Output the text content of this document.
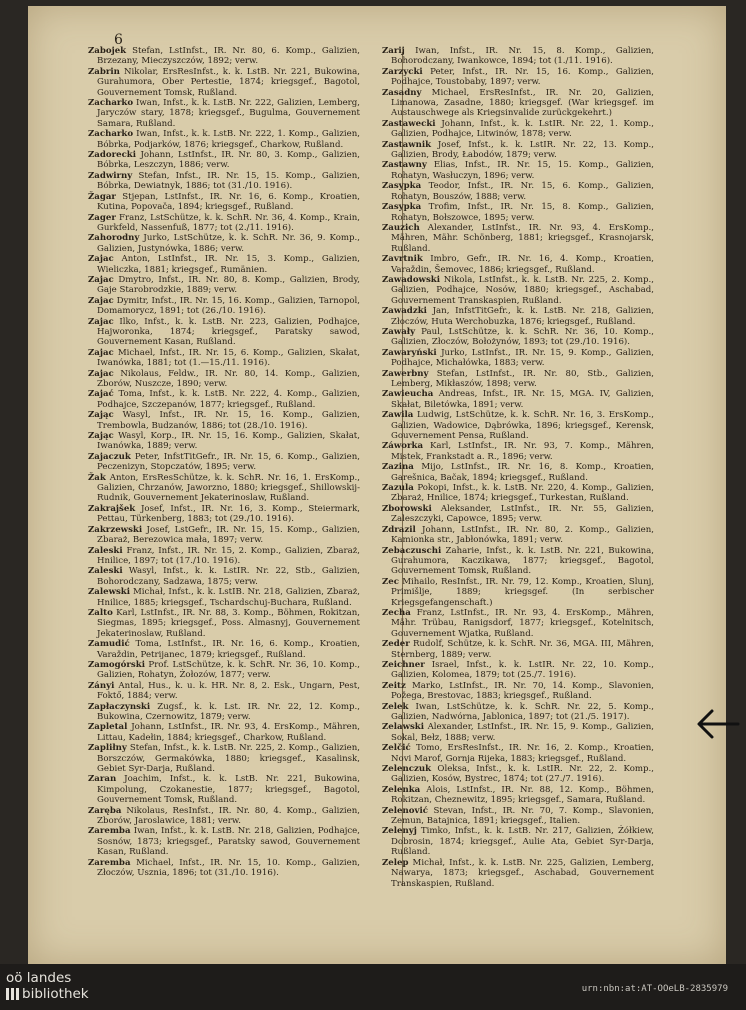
6

Zabojek Stefan, LstInfst., IR. Nr. 80, 6. Komp., Galizien, Brzezany, Mieczyszczów, 1892; verw.

Zabrin Nikolar, ErsResInfst., k. k. LstB. Nr. 221, Bukowina, Gurahumora, Ober Pertestie, 1874; kriegsgef., Bagotol, Gouvernement Tomsk, Rußland.

Zacharko Iwan, Infst., k. k. LstB. Nr. 222, Galizien, Lemberg, Jaryczów stary, 1878; kriegsgef., Bugulma, Gouvernement Samara, Rußland.

Zacharko Iwan, Infst., k. k. LstB. Nr. 222, 1. Komp., Galizien, Bóbrka, Podjarków, 1876; kriegsgef., Charkow, Rußland.

Zadorecki Johann, LstInfst., IR. Nr. 80, 3. Komp., Galizien, Bóbrka, Leszczyn, 1886; verw.

Zadwirny Stefan, Infst., IR. Nr. 15, 15. Komp., Galizien, Bóbrka, Dewiatnyk, 1886; tot (31./10. 1916).

Žagar Stjepan, LstInfst., IR. Nr. 16, 6. Komp., Kroatien, Kutina, Popovača, 1894; kriegsgef., Rußland.

Zager Franz, LstSchütze, k. k. SchR. Nr. 36, 4. Komp., Krain, Gurkfeld, Nassenfuß, 1877; tot (2./11. 1916).

Zahorodny Jurko, LstSchütze, k. k. SchR. Nr. 36, 9. Komp., Galizien, Justynówka, 1886; verw.

Zajac Anton, LstInfst., IR. Nr. 15, 3. Komp., Galizien, Wieliczka, 1881; kriegsgef., Rumänien.

Zajac Dmytro, Infst., IR. Nr. 80, 8. Komp., Galizien, Brody, Gaje Starobrodzkie, 1889; verw.

Zajac Dymitr, Infst., IR. Nr. 15, 16. Komp., Galizien, Tarnopol, Domamorycz, 1891; tot (26./10. 1916).

Zajac Ilko, Infst., k. k. LstB. Nr. 223, Galizien, Podhajce, Hajworonka, 1874; kriegsgef., Paratsky sawod, Gouvernement Kasan, Rußland.

Zajac Michael, Infst., IR. Nr. 15, 6. Komp., Galizien, Skałat, Iwanówka, 1881; tot (1.—15./11. 1916).

Zajac Nikolaus, Feldw., IR. Nr. 80, 14. Komp., Galizien, Zborów, Nuszcze, 1890; verw.

Zajać Toma, Infst., k. k. LstB. Nr. 222, 4. Komp., Galizien, Podhajce, Szczepanów, 1877; kriegsgef., Rußland.

Zając Wasyl, Infst., IR. Nr. 15, 16. Komp., Galizien, Trembowla, Budzanów, 1886; tot (28./10. 1916).

Zając Wasyl, Korp., IR. Nr. 15, 16. Komp., Galizien, Skałat, Iwanówka, 1889; verw.

Zajaczuk Peter, InfstTitGefr., IR. Nr. 15, 6. Komp., Galizien, Peczenizyn, Stopczatów, 1895; verw.

Žak Anton, ErsResSchütze, k. k. SchR. Nr. 16, 1. ErsKomp., Galizien, Chrzanów, Jaworzno, 1880; kriegsgef., Shillowskij-Rudnik, Gouvernement Jekaterinoslaw, Rußland.

Zakrajšek Josef, Infst., IR. Nr. 16, 3. Komp., Steiermark, Pettau, Türkenberg, 1883; tot (29./10. 1916).

Zakrzewski Josef, LstGefr., IR. Nr. 15, 15. Komp., Galizien, Zbaraż, Berezowica mała, 1897; verw.

Zaleski Franz, Infst., IR. Nr. 15, 2. Komp., Galizien, Zbaraż, Hnilice, 1897; tot (17./10. 1916).

Zaleski Wasyl, Infst., k. k. LstIR. Nr. 22, Stb., Galizien, Bohorodczany, Sadzawa, 1875; verw.

Zalewski Michał, Infst., k. k. LstIB. Nr. 218, Galizien, Zbaraż, Hnilice, 1885; kriegsgef., Tschardschuj-Buchara, Rußland.

Zalto Karl, LstInfst., IR. Nr. 88, 3. Komp., Böhmen, Rokitzan, Siegmas, 1895; kriegsgef., Poss. Almasnyj, Gouvernement Jekaterinoslaw, Rußland.

Zamudić Toma, LstInfst., IR. Nr. 16, 6. Komp., Kroatien, Varaždin, Petrijanec, 1879; kriegsgef., Rußland.

Zamogórski Prof. LstSchütze, k. k. SchR. Nr. 36, 10. Komp., Galizien, Rohatyn, Żołozów, 1877; verw.

Zányi Antal, Hus., k. u. k. HR. Nr. 8, 2. Esk., Ungarn, Pest, Foktő, 1884; verw.

Zapłaczynski Zugsf., k. k. Lst. IR. Nr. 22, 12. Komp., Bukowina, Czernowitz, 1879; verw.

Zapletal Johann, LstInfst., IR. Nr. 93, 4. ErsKomp., Mähren, Littau, Kadełin, 1884; kriegsgef., Charkow, Rußland.

Zapliłny Stefan, Infst., k. k. LstB. Nr. 225, 2. Komp., Galizien, Borszczów, Germakówka, 1880; kriegsgef., Kasalinsk, Gebiet Syr-Darja, Rußland.

Zaran Joachim, Infst., k. k. LstB. Nr. 221, Bukowina, Kimpolung, Czokanestie, 1877; kriegsgef., Bagotol, Gouvernement Tomsk, Rußland.

Zaręba Nikolaus, ResInfst., IR. Nr. 80, 4. Komp., Galizien, Zborów, Jaroslawice, 1881; verw.

Zaremba Iwan, Infst., k. k. LstB. Nr. 218, Galizien, Podhajce, Sosnów, 1873; kriegsgef., Paratsky sawod, Gouvernement Kasan, Rußland.

Zaremba Michael, Infst., IR. Nr. 15, 10. Komp., Galizien, Złoczów, Usznia, 1896; tot (31./10. 1916).

Zarij Iwan, Infst., IR. Nr. 15, 8. Komp., Galizien, Bohorodczany, Iwankowce, 1894; tot (1./11. 1916).

Zarzycki Peter, Infst., IR. Nr. 15, 16. Komp., Galizien, Podhajce, Toustobaby, 1897; verw.

Zasadny Michael, ErsResInfst., IR. Nr. 20, Galizien, Limanowa, Zasadne, 1880; kriegsgef. (War kriegsgef. im Austauschwege als Kriegsinvalide zurückgekehrt.)

Zastawecki Johann, Infst., k. k. LstIR. Nr. 22, 1. Komp., Galizien, Podhajce, Litwinów, 1878; verw.

Zastawnik Josef, Infst., k. k. LstIR. Nr. 22, 13. Komp., Galizien, Brody, Łabodów, 1879; verw.

Zastawny Elias, Infst., IR. Nr. 15, 15. Komp., Galizien, Rohatyn, Wasłuczyn, 1896; verw.

Zasypka Teodor, Infst., IR. Nr. 15, 6. Komp., Galizien, Rohatyn, Bouszów, 1888; verw.

Zasypka Trofim, Infst., IR. Nr. 15, 8. Komp., Galizien, Rohatyn, Bołszowce, 1895; verw.

Zauzich Alexander, LstInfst., IR. Nr. 93, 4. ErsKomp., Mähren, Mähr. Schönberg, 1881; kriegsgef., Krasnojarsk, Rußland.

Zavrtnik Imbro, Gefr., IR. Nr. 16, 4. Komp., Kroatien, Varaždin, Šemovec, 1886; kriegsgef., Rußland.

Zawadowski Nikola, LstInfst., k. k. LstB. Nr. 225, 2. Komp., Galizien, Podhajce, Nosów, 1880; kriegsgef., Aschabad, Gouvernement Transkaspien, Rußland.

Zawadzki Jan, InfstTitGefr., k. k. LstB. Nr. 218, Galizien, Złoczów, Huta Werchobuzka, 1876; kriegsgef., Rußland.

Zawały Paul, LstSchütze, k. k. SchR. Nr. 36, 10. Komp., Galizien, Złoczów, Bołożynów, 1893; tot (29./10. 1916).

Zawaryński Jurko, LstInfst., IR. Nr. 15, 9. Komp., Galizien, Podhajce, Michałówka, 1883; verw.

Zawerbny Stefan, LstInfst., IR. Nr. 80, Stb., Galizien, Lemberg, Mikłaszów, 1898; verw.

Zawieucha Andreas, Infst., IR. Nr. 15, MGA. IV, Galizien, Skałat, Biletówka, 1891; verw.

Zawila Ludwig, LstSchütze, k. k. SchR. Nr. 16, 3. ErsKomp., Galizien, Wadowice, Dąbrówka, 1896; kriegsgef., Kerensk, Gouvernement Pensa, Rußland.

Záworka Karl, LstInfst., IR. Nr. 93, 7. Komp., Mähren, Mistek, Frankstadt a. R., 1896; verw.

Zazina Mijo, LstInfst., IR. Nr. 16, 8. Komp., Kroatien, Garešnica, Bačak, 1894; kriegsgef., Rußland.

Zazula Pokopi, Infst., k. k. LstB. Nr. 220, 4. Komp., Galizien, Zbaraż, Hnilice, 1874; kriegsgef., Turkestan, Rußland.

Zborowski Aleksander, LstInfst., IR. Nr. 55, Galizien, Zaleszczyki, Capowce, 1895; verw.

Zdrazil Johann, LstInfst., IR. Nr. 80, 2. Komp., Galizien, Kamionka str., Jabłonówka, 1891; verw.

Zebaczuschi Zaharie, Infst., k. k. LstB. Nr. 221, Bukowina, Gurahumora, Kaczikawa, 1877; kriegsgef., Bagotol, Gouvernement Tomsk, Rußland.

Zec Mihailo, ResInfst., IR. Nr. 79, 12. Komp., Kroatien, Slunj, Primišlje, 1889; kriegsgef. (In serbischer Kriegsgefangenschaft.)

Zecha Franz, LstInfst., IR. Nr. 93, 4. ErsKomp., Mähren, Mähr. Trübau, Ranigsdorf, 1877; kriegsgef., Kotelnitsch, Gouvernement Wjatka, Rußland.

Zeder Rudolf, Schütze, k. k. SchR. Nr. 36, MGA. III, Mähren, Sternberg, 1889; verw.

Zeichner Israel, Infst., k. k. LstIR. Nr. 22, 10. Komp., Galizien, Kolomea, 1879; tot (25./7. 1916).

Zeitz Marko, LstInfst., IR. Nr. 70, 14. Komp., Slavonien, Požega, Brestovac, 1883; kriegsgef., Rußland.

Zelek Iwan, LstSchütze, k. k. SchR. Nr. 22, 5. Komp., Galizien, Nadwórna, Jablonica, 1897; tot (21./5. 1917).

Zelawski Alexander, LstInfst., IR. Nr. 15, 9. Komp., Galizien, Sokal, Bełz, 1888; verw.

Zelčić Tomo, ErsResInfst., IR. Nr. 16, 2. Komp., Kroatien, Novi Marof, Gornja Rijeka, 1883; kriegsgef., Rußland.

Zelenczuk Oleksa, Infst., k. k. LstIR. Nr. 22, 2. Komp., Galizien, Kosów, Bystrec, 1874; tot (27./7. 1916).

Zelenka Alois, LstInfst., IR. Nr. 88, 12. Komp., Böhmen, Rokitzan, Cheznewitz, 1895; kriegsgef., Samara, Rußland.

Zelenović Stevan, Infst., IR. Nr. 70, 7. Komp., Slavonien, Zemun, Batajnica, 1891; kriegsgef., Italien.

Zelenyj Timko, Infst., k. k. LstB. Nr. 217, Galizien, Żółkiew, Dobrosin, 1874; kriegsgef., Aulie Ata, Gebiet Syr-Darja, Rußland.

Zelep Michał, Infst., k. k. LstB. Nr. 225, Galizien, Lemberg, Nawarya, 1873; kriegsgef., Aschabad, Gouvernement Transkaspien, Rußland.

oö landes
bibliothek	urn:nbn:at:AT-OOeLB-2835979
